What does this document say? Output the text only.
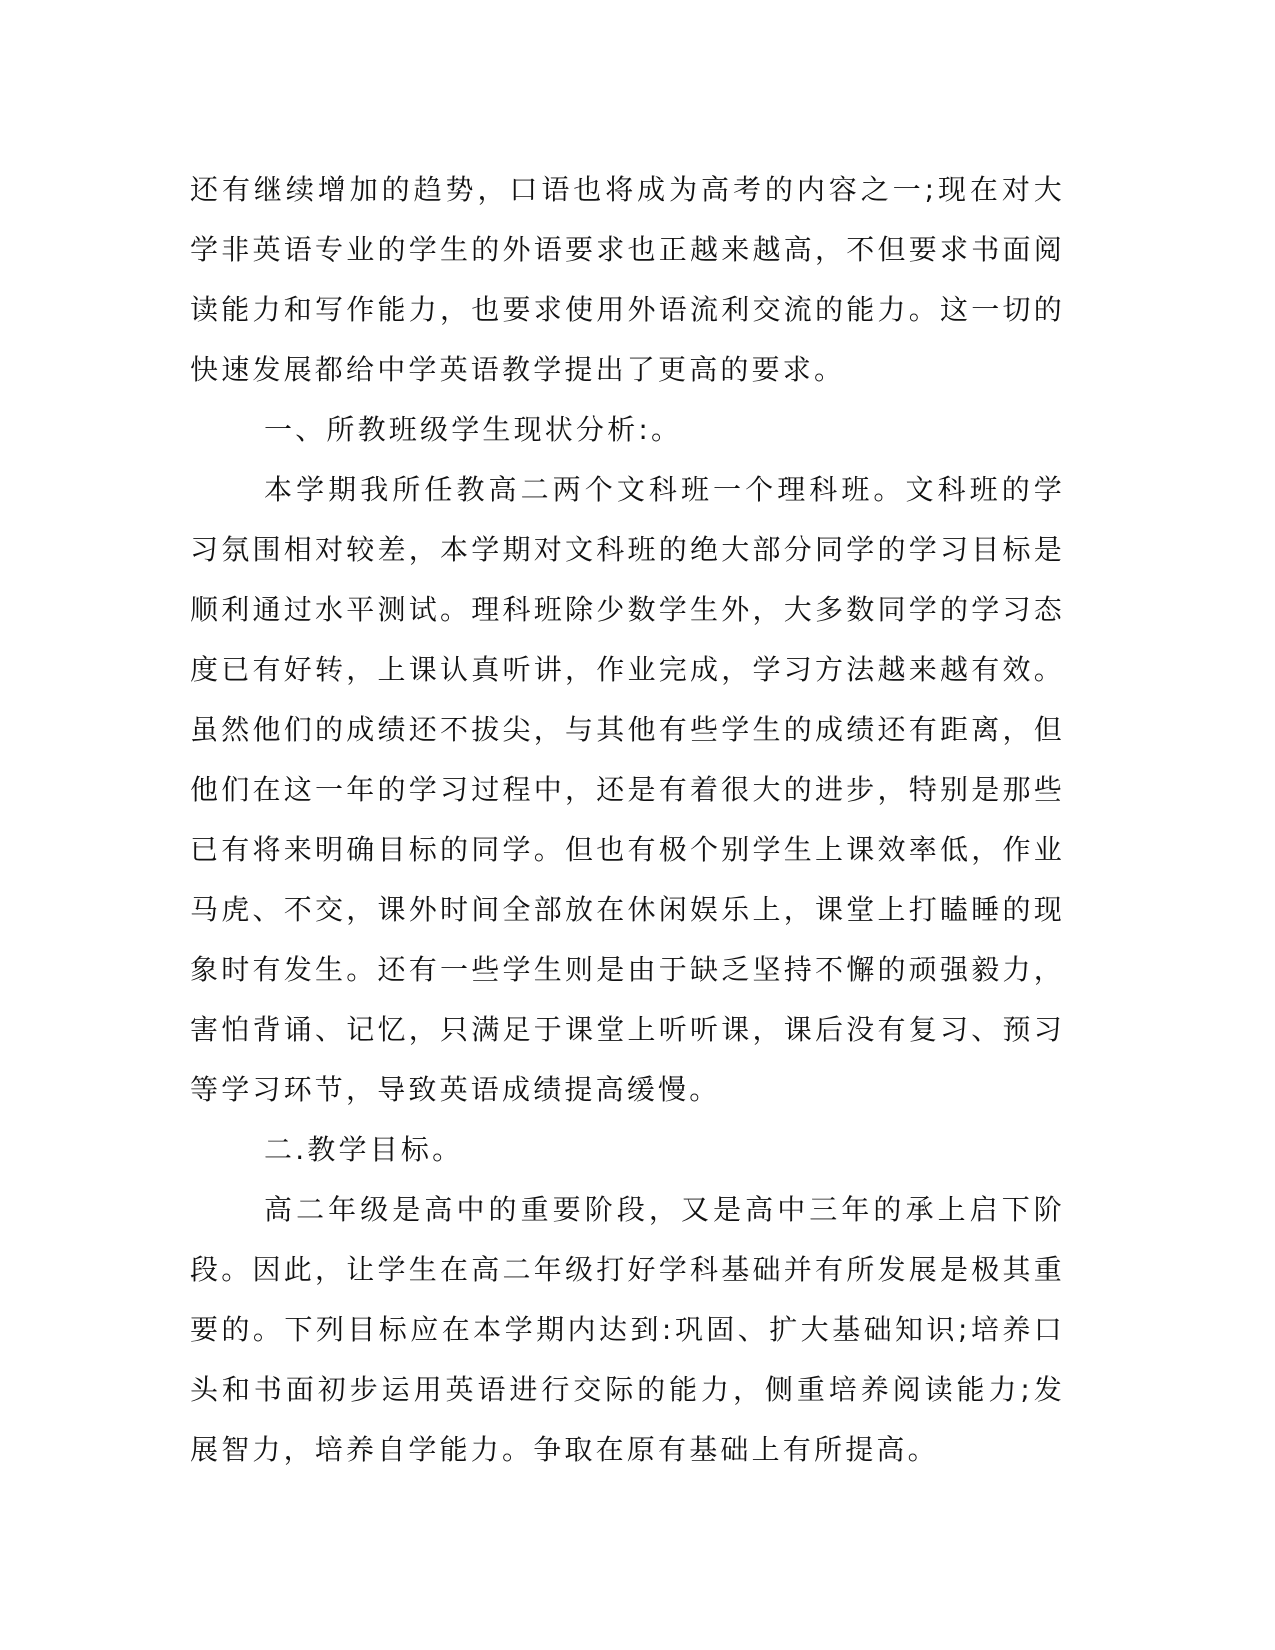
还有继续增加的趋势，口语也将成为高考的内容之一;现在对大学非英语专业的学生的外语要求也正越来越高，不但要求书面阅读能力和写作能力，也要求使用外语流利交流的能力。这一切的快速发展都给中学英语教学提出了更高的要求。

一、所教班级学生现状分析:。

本学期我所任教高二两个文科班一个理科班。文科班的学习氛围相对较差，本学期对文科班的绝大部分同学的学习目标是顺利通过水平测试。理科班除少数学生外，大多数同学的学习态度已有好转，上课认真听讲，作业完成，学习方法越来越有效。虽然他们的成绩还不拔尖，与其他有些学生的成绩还有距离，但他们在这一年的学习过程中，还是有着很大的进步，特别是那些已有将来明确目标的同学。但也有极个别学生上课效率低，作业马虎、不交，课外时间全部放在休闲娱乐上，课堂上打瞌睡的现象时有发生。还有一些学生则是由于缺乏坚持不懈的顽强毅力，害怕背诵、记忆，只满足于课堂上听听课，课后没有复习、预习等学习环节，导致英语成绩提高缓慢。

二.教学目标。

高二年级是高中的重要阶段，又是高中三年的承上启下阶段。因此，让学生在高二年级打好学科基础并有所发展是极其重要的。下列目标应在本学期内达到:巩固、扩大基础知识;培养口头和书面初步运用英语进行交际的能力，侧重培养阅读能力;发展智力，培养自学能力。争取在原有基础上有所提高。
